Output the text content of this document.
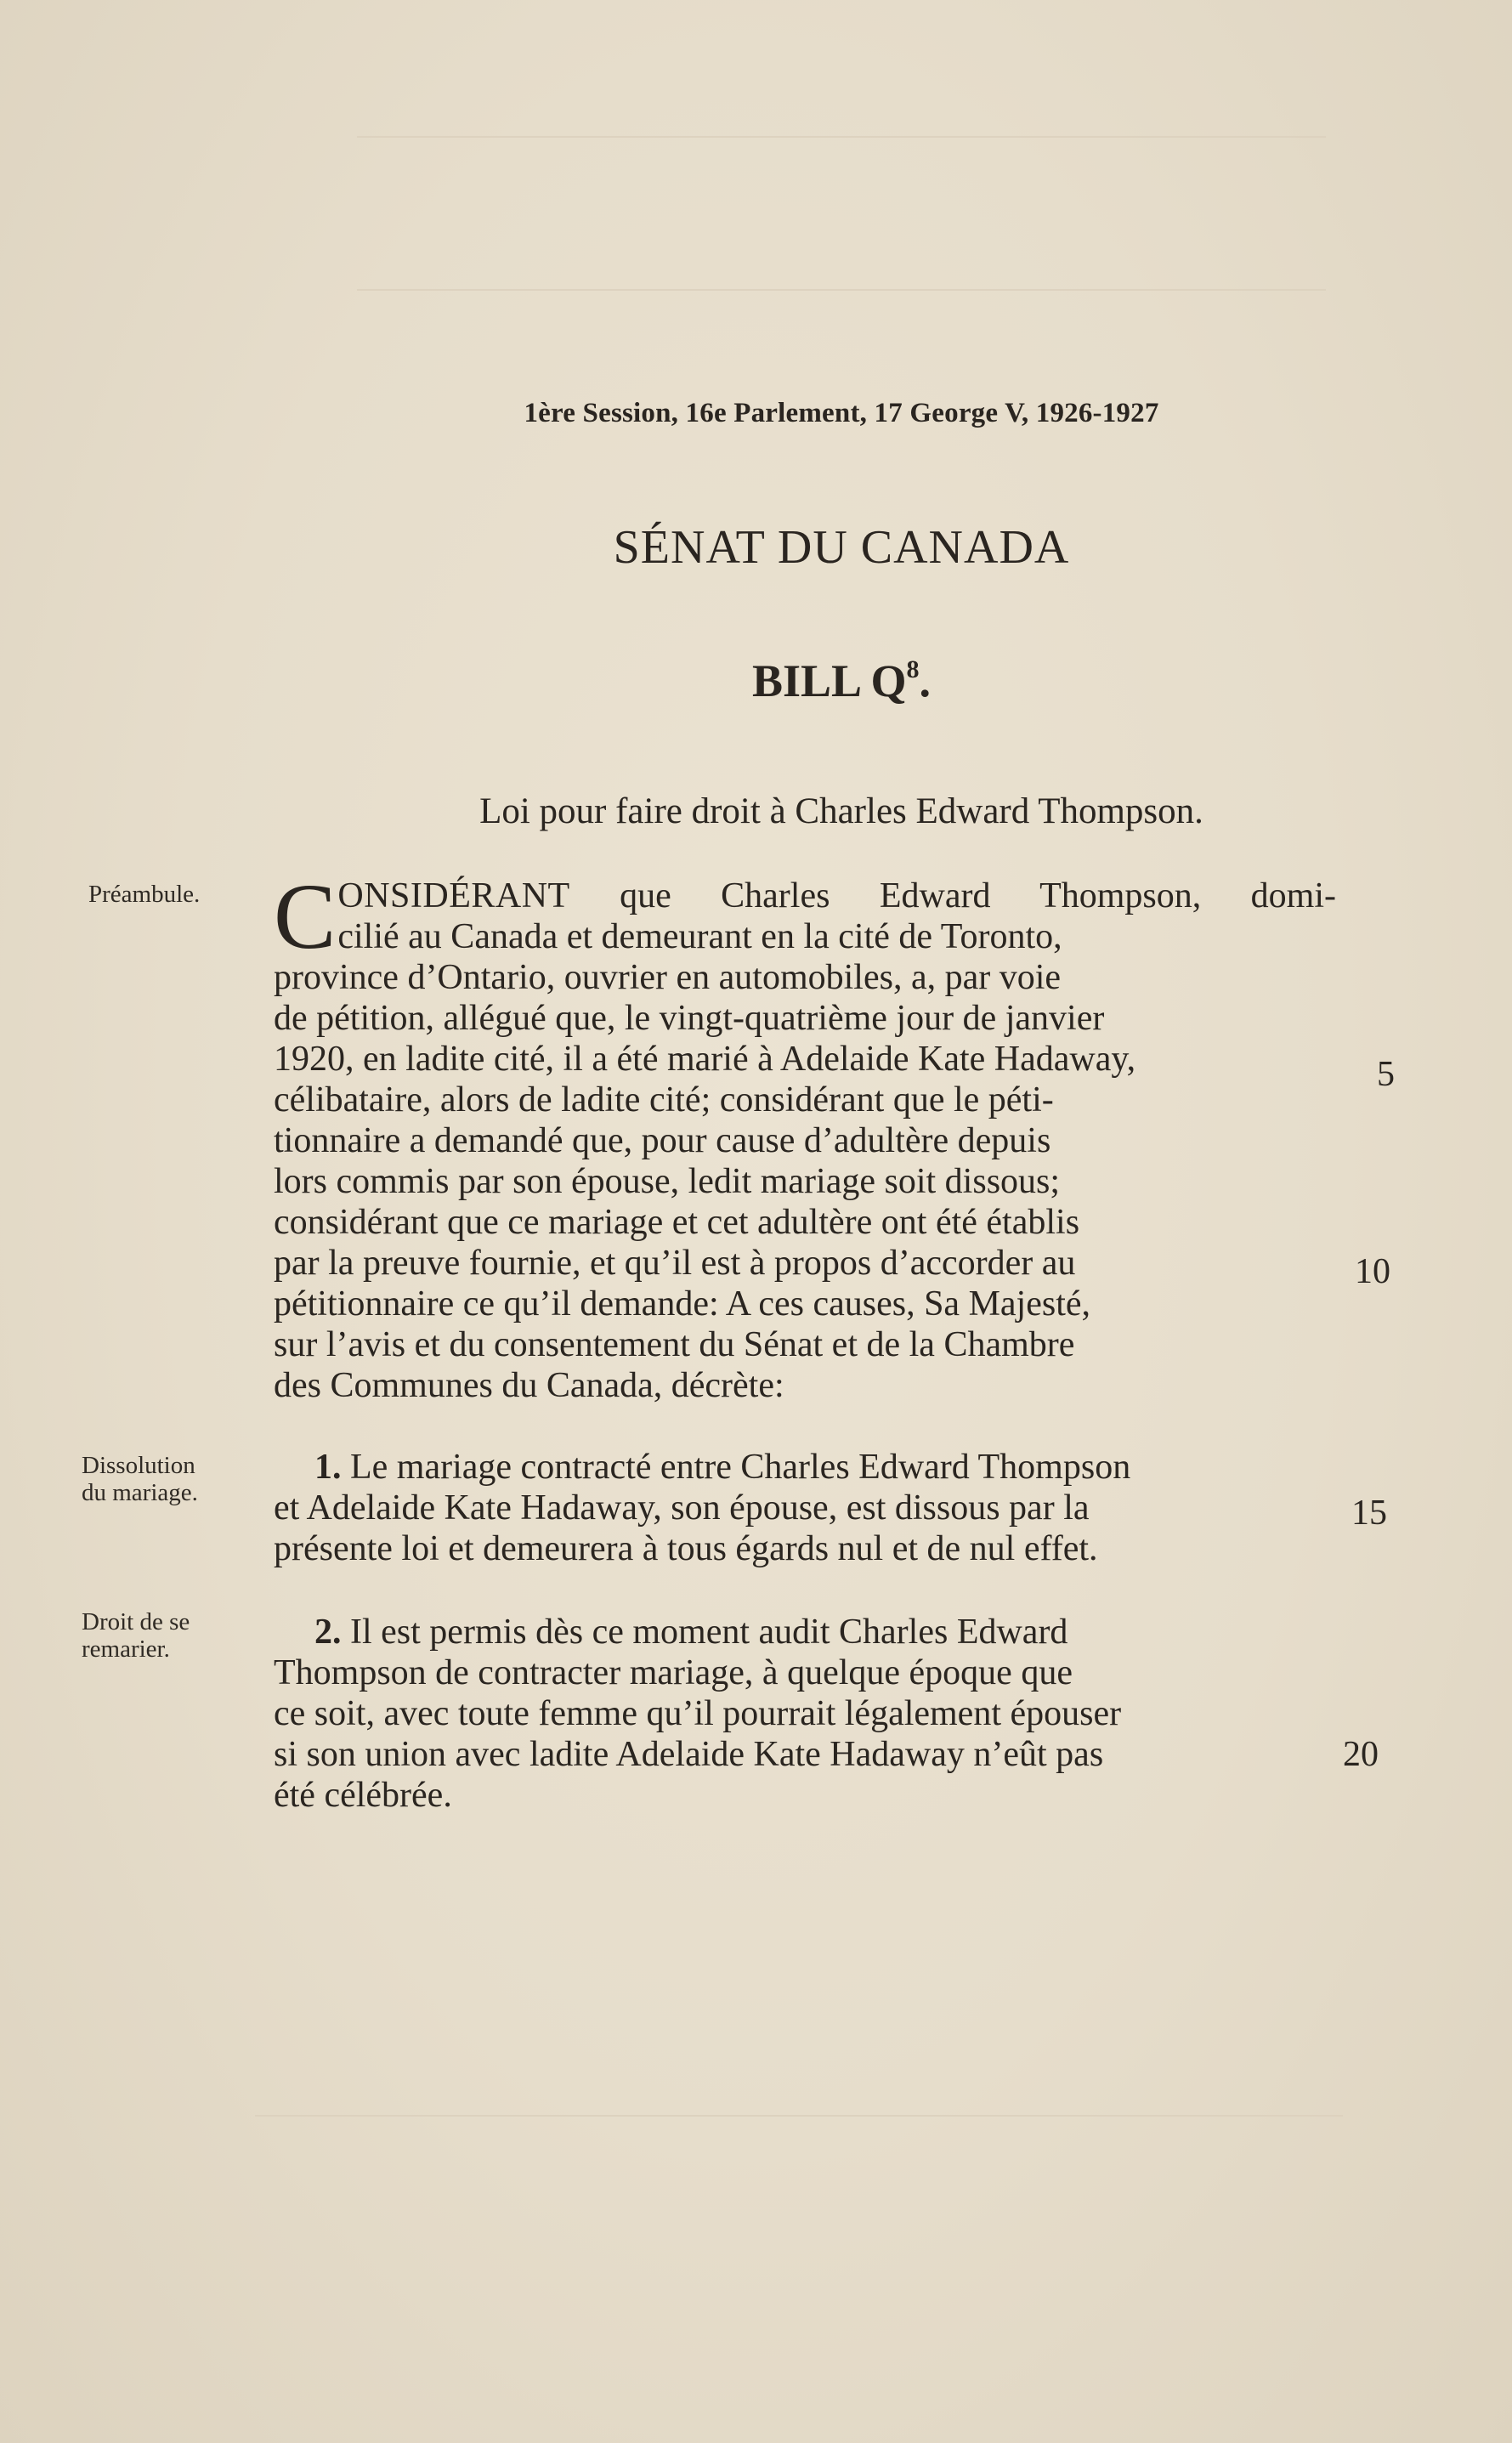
1ère Session, 16e Parlement, 17 George V, 1926-1927
SÉNAT DU CANADA
BILL $Q^8$.
Loi pour faire droit à Charles Edward Thompson.
Préambule.
Dissolution
du mariage.
Droit de se
remarier.
C ONSIDÉRANT que Charles Edward Thompson, domi-
cilié au Canada et demeurant en la cité de Toronto,
province d’Ontario, ouvrier en automobiles, a, par voie
de pétition, allégué que, le vingt-quatrième jour de janvier
1920, en ladite cité, il a été marié à Adelaide Kate Hadaway,
célibataire, alors de ladite cité; considérant que le péti-
tionnaire a demandé que, pour cause d’adultère depuis
lors commis par son épouse, ledit mariage soit dissous;
considérant que ce mariage et cet adultère ont été établis
par la preuve fournie, et qu’il est à propos d’accorder au
pétitionnaire ce qu’il demande: A ces causes, Sa Majesté,
sur l’avis et du consentement du Sénat et de la Chambre
des Communes du Canada, décrète:
1. Le mariage contracté entre Charles Edward Thompson
et Adelaide Kate Hadaway, son épouse, est dissous par la
présente loi et demeurera à tous égards nul et de nul effet.
2. Il est permis dès ce moment audit Charles Edward
Thompson de contracter mariage, à quelque époque que
ce soit, avec toute femme qu’il pourrait légalement épouser
si son union avec ladite Adelaide Kate Hadaway n’eût pas
été célébrée.
5
10
15
20
